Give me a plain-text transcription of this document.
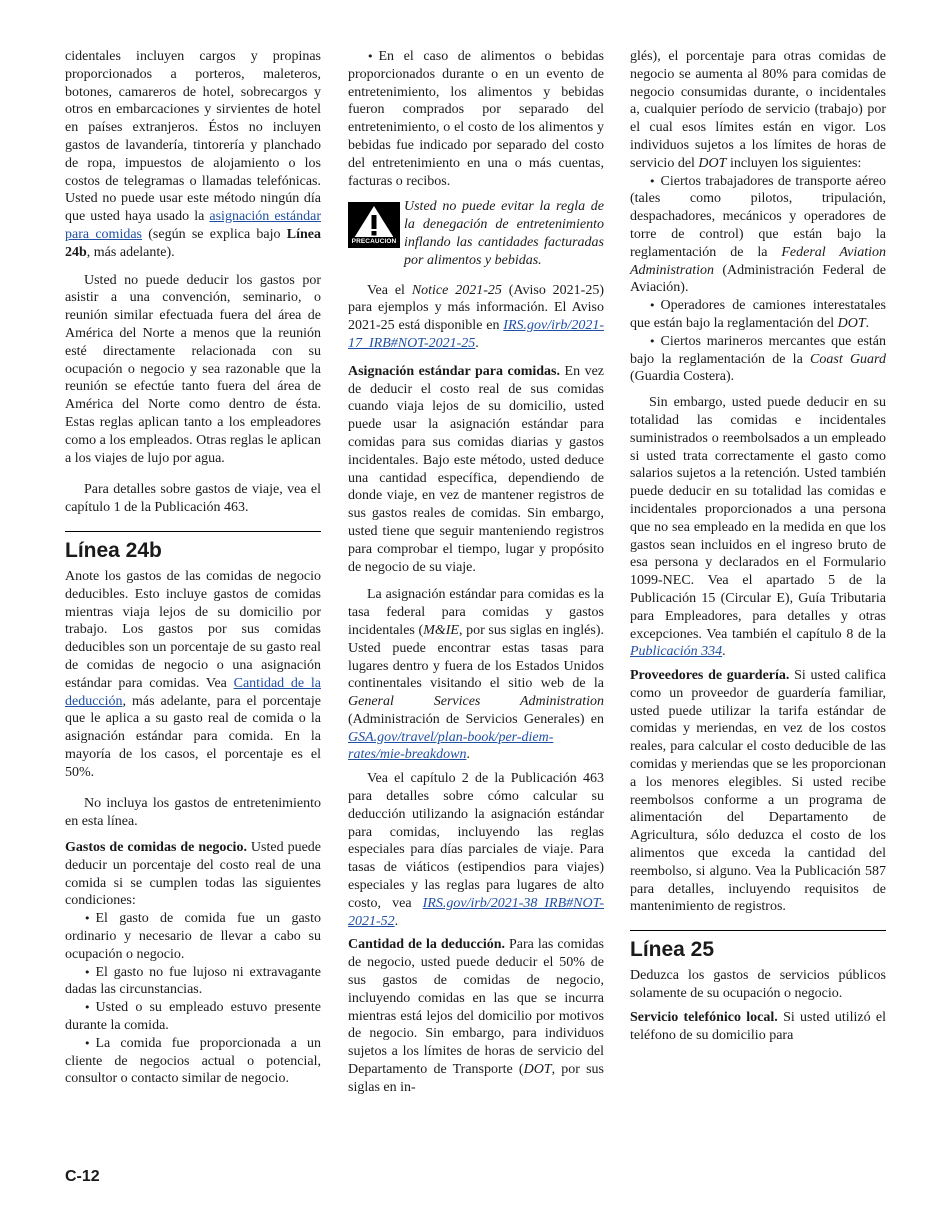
cidentales incluyen cargos y propinas proporcionados a porteros, maleteros, botones, camareros de hotel, sobrecargos y otros en embarcaciones y sirvientes de hotel en países extranjeros. Éstos no incluyen gastos de lavandería, tintorería y planchado de ropa, impuestos de alojamiento o los costos de telegramas o llamadas telefónicas. Usted no puede usar este método ningún día que usted haya usado la asignación estándar para comidas (según se explica bajo Línea 24b, más adelante).

Usted no puede deducir los gastos por asistir a una convención, seminario, o reunión similar efectuada fuera del área de América del Norte a menos que la reunión esté directamente relacionada con su ocupación o negocio y sea razonable que la reunión se efectúe tanto fuera del área de América del Norte como dentro de ésta. Estas reglas aplican tanto a los empleadores como a los empleados. Otras reglas le aplican a los viajes de lujo por agua.

Para detalles sobre gastos de viaje, vea el capítulo 1 de la Publicación 463.

Línea 24b

Anote los gastos de las comidas de negocio deducibles. Esto incluye gastos de comidas mientras viaja lejos de su domicilio por trabajo. Los gastos por sus comidas deducibles son un porcentaje de su gasto real de comidas de negocio o una asignación estándar para comidas. Vea Cantidad de la deducción, más adelante, para el porcentaje que le aplica a su gasto real de comida o la asignación estándar para comida. En la mayoría de los casos, el porcentaje es el 50%.

No incluya los gastos de entretenimiento en esta línea.

Gastos de comidas de negocio. Usted puede deducir un porcentaje del costo real de una comida si se cumplen todas las siguientes condiciones:

• El gasto de comida fue un gasto ordinario y necesario de llevar a cabo su ocupación o negocio.
• El gasto no fue lujoso ni extravagante dadas las circunstancias.
• Usted o su empleado estuvo presente durante la comida.
• La comida fue proporcionada a un cliente de negocios actual o potencial, consultor o contacto similar de negocio.
• En el caso de alimentos o bebidas proporcionados durante o en un evento de entretenimiento, los alimentos y bebidas fueron comprados por separado del entretenimiento, o el costo de los alimentos y bebidas fue indicado por separado del costo del entretenimiento en una o más cuentas, facturas o recibos.
PRECAUCION
Usted no puede evitar la regla de la denegación de entretenimiento inflando las cantidades facturadas por alimentos y bebidas.

Vea el Notice 2021-25 (Aviso 2021-25) para ejemplos y más información. El Aviso 2021-25 está disponible en IRS.gov/irb/2021-17_IRB#NOT-2021-25.

Asignación estándar para comidas. En vez de deducir el costo real de sus comidas cuando viaja lejos de su domicilio, usted puede usar la asignación estándar para comidas para sus comidas diarias y gastos incidentales. Bajo este método, usted deduce una cantidad específica, dependiendo de donde viaje, en vez de mantener registros de sus gastos reales de comidas. Sin embargo, usted tiene que seguir manteniendo registros para comprobar el tiempo, lugar y propósito de negocio de su viaje.

La asignación estándar para comidas es la tasa federal para comidas y gastos incidentales (M&IE, por sus siglas en inglés). Usted puede encontrar estas tasas para lugares dentro y fuera de los Estados Unidos continentales visitando el sitio web de la General Services Administration (Administración de Servicios Generales) en GSA.gov/travel/plan-book/per-diem-rates/mie-breakdown.

Vea el capítulo 2 de la Publicación 463 para detalles sobre cómo calcular su deducción utilizando la asignación estándar para comidas, incluyendo las reglas especiales para días parciales de viaje. Para tasas de viáticos (estipendios para viajes) especiales y las reglas para lugares de alto costo, vea IRS.gov/irb/2021-38_IRB#NOT-2021-52.

Cantidad de la deducción. Para las comidas de negocio, usted puede deducir el 50% de sus gastos de comidas de negocio, incluyendo comidas en las que se incurra mientras está lejos del domicilio por motivos de negocio. Sin embargo, para individuos sujetos a los límites de horas de servicio del Departamento de Transporte (DOT, por sus siglas en in-

glés), el porcentaje para otras comidas de negocio se aumenta al 80% para comidas de negocio consumidas durante, o incidentales a, cualquier período de servicio (trabajo) por el cual esos límites están en vigor. Los individuos sujetos a los límites de horas de servicio del DOT incluyen los siguientes:

• Ciertos trabajadores de transporte aéreo (tales como pilotos, tripulación, despachadores, mecánicos y operadores de torre de control) que están bajo la reglamentación de la Federal Aviation Administration (Administración Federal de Aviación).
• Operadores de camiones interestatales que están bajo la reglamentación del DOT.
• Ciertos marineros mercantes que están bajo la reglamentación de la Coast Guard (Guardia Costera).

Sin embargo, usted puede deducir en su totalidad las comidas e incidentales suministrados o reembolsados a un empleado si usted trata correctamente el gasto como salarios sujetos a la retención. Usted también puede deducir en su totalidad las comidas e incidentales proporcionados a una persona que no sea empleado en la medida en que los gastos sean incluidos en el ingreso bruto de esa persona y declarados en el Formulario 1099-NEC. Vea el apartado 5 de la Publicación 15 (Circular E), Guía Tributaria para Empleadores, para detalles y otras excepciones. Vea también el capítulo 8 de la Publicación 334.

Proveedores de guardería. Si usted califica como un proveedor de guardería familiar, usted puede utilizar la tarifa estándar de comidas y meriendas, en vez de los costos reales, para calcular el costo deducible de las comidas y meriendas que se les proporcionan a los menores elegibles. Si usted recibe reembolsos conforme a un programa de alimentación del Departamento de Agricultura, sólo deduzca el costo de los alimentos que exceda la cantidad del reembolso, si alguno. Vea la Publicación 587 para detalles, incluyendo requisitos de mantenimiento de registros.

Línea 25

Deduzca los gastos de servicios públicos solamente de su ocupación o negocio.

Servicio telefónico local. Si usted utilizó el teléfono de su domicilio para

C-12
